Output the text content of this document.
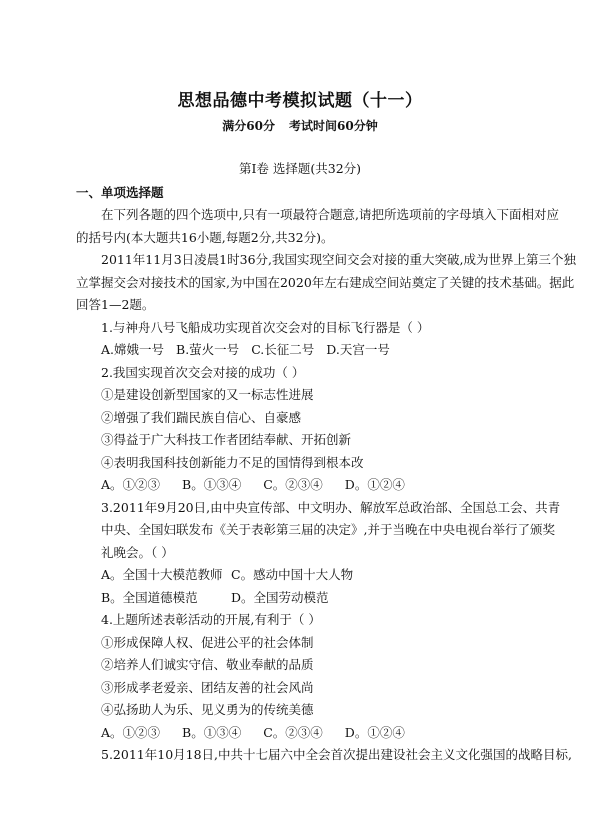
思想品德中考模拟试题（十一）
满分60分 考试时间60分钟
第Ⅰ卷 选择题(共32分)
一、单项选择题
在下列各题的四个选项中,只有一项最符合题意,请把所选项前的字母填入下面相对应
的括号内(本大题共16小题,每题2分,共32分)。
2011年11月3日凌晨1时36分,我国实现空间交会对接的重大突破,成为世界上第三个独
立掌握交会对接技术的国家,为中国在2020年左右建成空间站奠定了关键的技术基础。据此
回答1—2题。
1.与神舟八号飞船成功实现首次交会对的目标飞行器是（ ）
A.嫦娥一号 B.萤火一号 C.长征二号 D.天宫一号
2.我国实现首次交会对接的成功（ ）
①是建设创新型国家的又一标志性进展
②增强了我们踹民族自信心、自豪感
③得益于广大科技工作者团结奉献、开拓创新
④表明我国科技创新能力不足的国情得到根本改
A。①②③ B。①③④ C。②③④ D。①②④
3.2011年9月20日,由中央宣传部、中文明办、解放军总政治部、全国总工会、共青
中央、全国妇联发布《关于表彰第三届的决定》,并于当晚在中央电视台举行了颁奖
礼晚会。（ ）
A。全国十大模范教师 C。感动中国十大人物
B。全国道德模范	D。全国劳动模范
4.上题所述表彰活动的开展,有利于（ ）
①形成保障人权、促进公平的社会体制
②培养人们诚实守信、敬业奉献的品质
③形成孝老爱亲、团结友善的社会风尚
④弘扬助人为乐、见义勇为的传统美德
A。①②③ B。①③④ C。②③④ D。①②④
5.2011年10月18日,中共十七届六中全会首次提出建设社会主义文化强国的战略目标,
